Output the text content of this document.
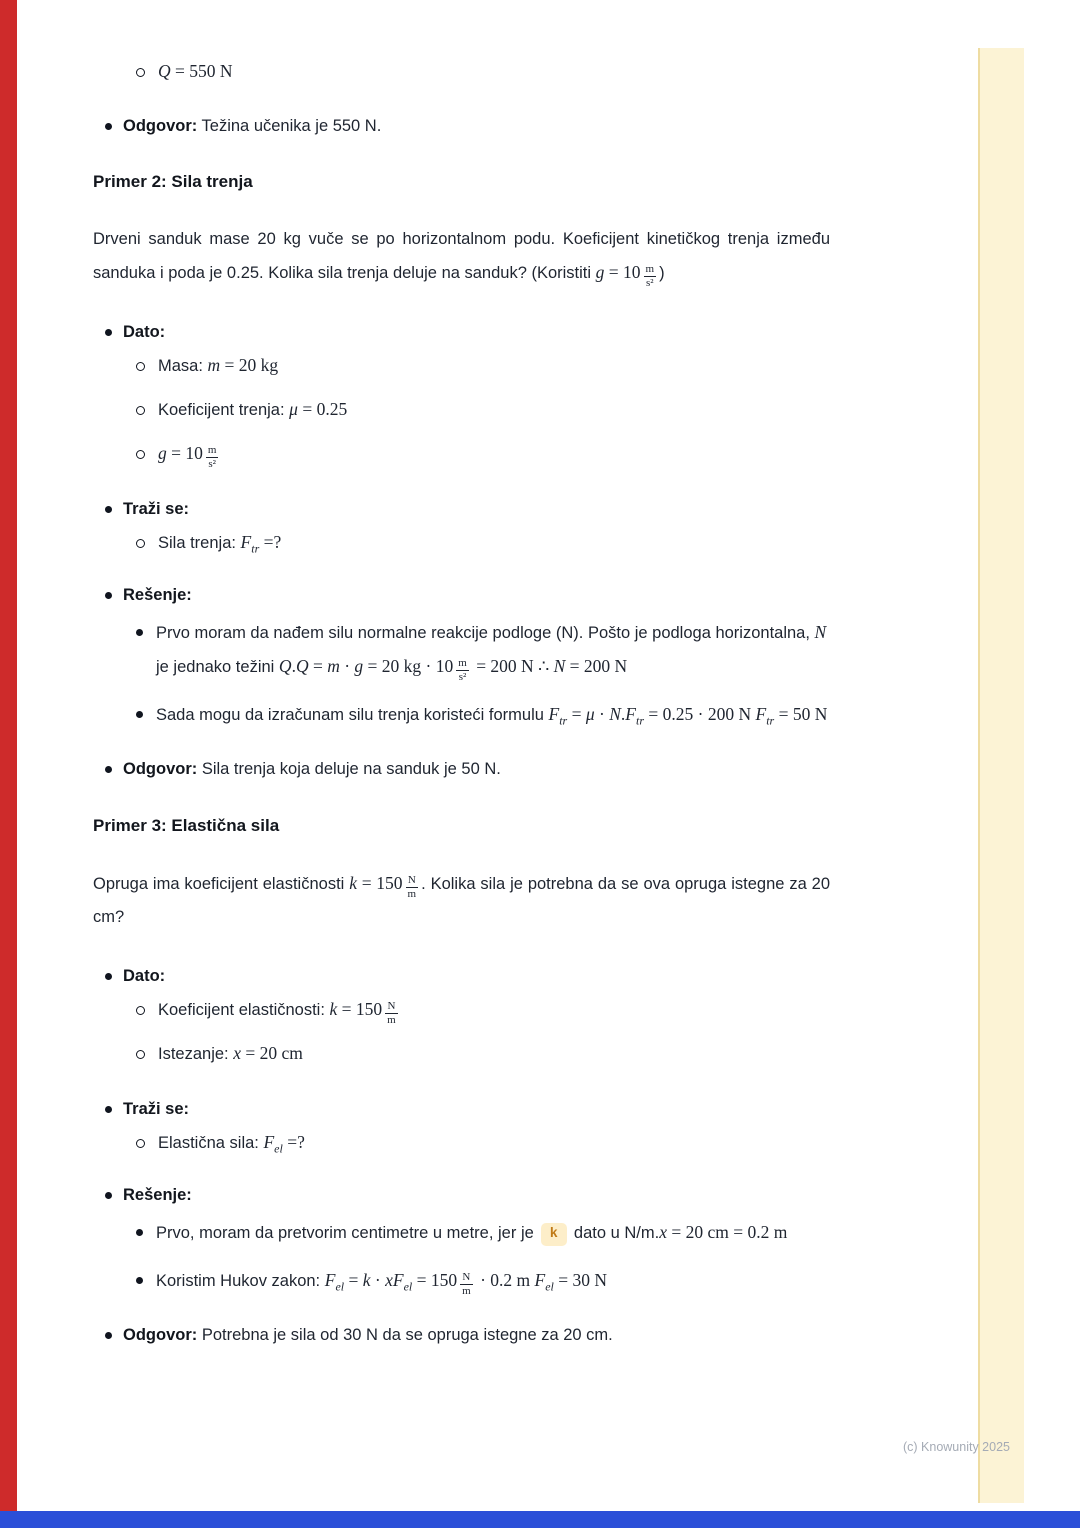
Q = 550 N
Odgovor: Težina učenika je 550 N.
Primer 2: Sila trenja
Drveni sanduk mase 20 kg vuče se po horizontalnom podu. Koeficijent kinetičkog trenja između sanduka i poda je 0.25. Kolika sila trenja deluje na sanduk? (Koristiti $g = 10 \frac{m}{\text{s²}}$ )
Dato:
Masa: m = 20 kg
Koeficijent trenja: μ = 0.25
$g = 10 \frac{m}{\text{s²}}$
Traži se:
Sila trenja: $F_{tr}$ =?
Rešenje:
Prvo moram da nađem silu normalne reakcije podloge (N). Pošto je podloga horizontalna, N je jednako težini Q.Q = m · g = 20 kg · $10 \frac{m}{\text{s²}} = 200$ N ∴ N = 200 N
Sada mogu da izračunam silu trenja koristeći formulu $F_{tr} = \mu \cdot N.F_{tr} = 0.25 \cdot 200$ N $F_{tr} = 50$ N
Odgovor: Sila trenja koja deluje na sanduk je 50 N.
Primer 3: Elastična sila
Opruga ima koeficijent elastičnosti $k = 150 \frac{N}{m}$ . Kolika sila je potrebna da se ova opruga istegne za 20 cm?
Dato:
Koeficijent elastičnosti: $k = 150 \frac{N}{m}$
Istezanje: x = 20 cm
Traži se:
Elastična sila: $F_{el}$ =?
Rešenje:
Prvo, moram da pretvorim centimetre u metre, jer je k dato u N/m.x = 20 cm = 0.2 m
Koristim Hukov zakon: $F_{el} = k \cdot xF_{el} = 150 \frac{N}{m} \cdot 0.2$ m $F_{el} = 30$ N
Odgovor: Potrebna je sila od 30 N da se opruga istegne za 20 cm.
(c) Knowunity 2025
